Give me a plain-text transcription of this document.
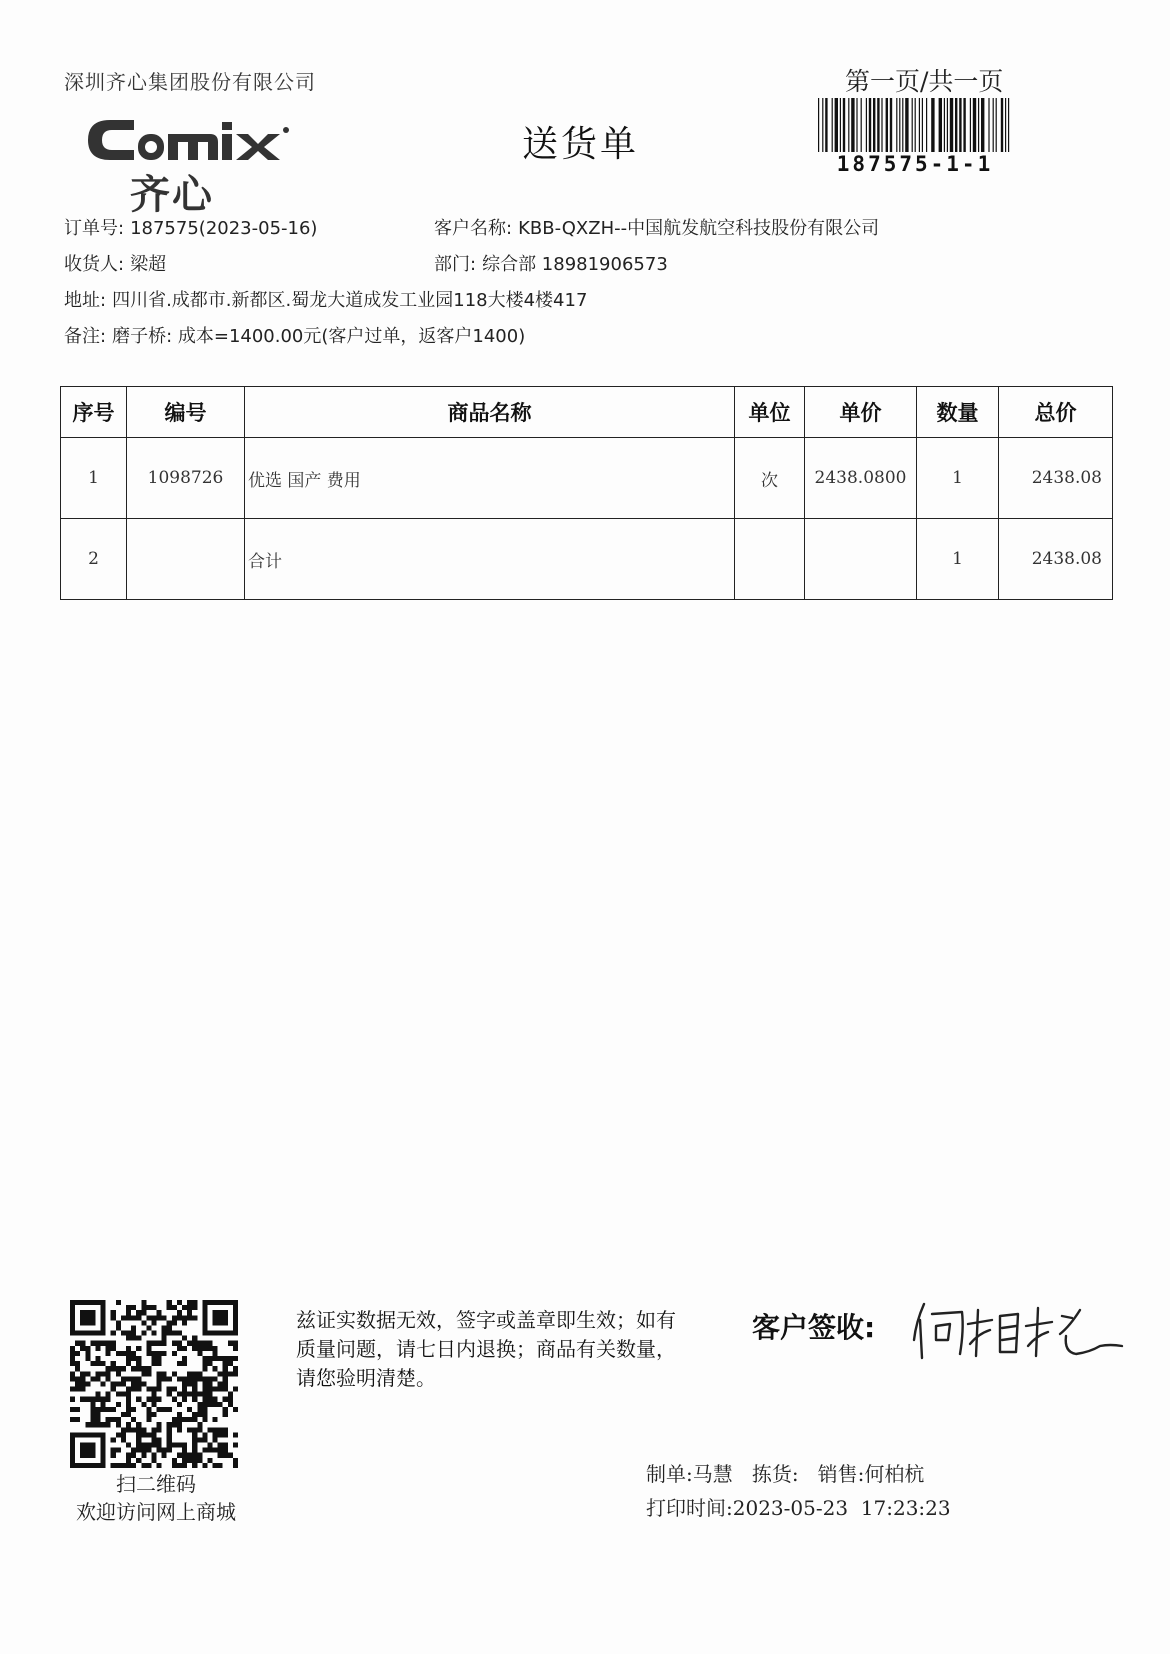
深圳齐心集团股份有限公司	第一页/共一页
齐心
送货单	187575-1-1
订单号: 187575(2023-05-16)	客户名称: KBB-QXZH--中国航发航空科技股份有限公司
收货人: 梁超	部门: 综合部 18981906573
地址: 四川省.成都市.新都区.蜀龙大道成发工业园118大楼4楼417
备注: 磨子桥: 成本=1400.00元(客户过单，返客户1400)
序号	编号	商品名称	单位	单价	数量	总价
1	1098726	优选 国产 费用	次	2438.0800	1	2438.08
2		合计			1	2438.08
扫二维码
欢迎访问网上商城
兹证实数据无效，签字或盖章即生效；如有质量问题，请七日内退换；商品有关数量，请您验明清楚。
客户签收:
制单:马慧 拣货: 销售:何柏杭
打印时间:2023-05-23  17:23:23
